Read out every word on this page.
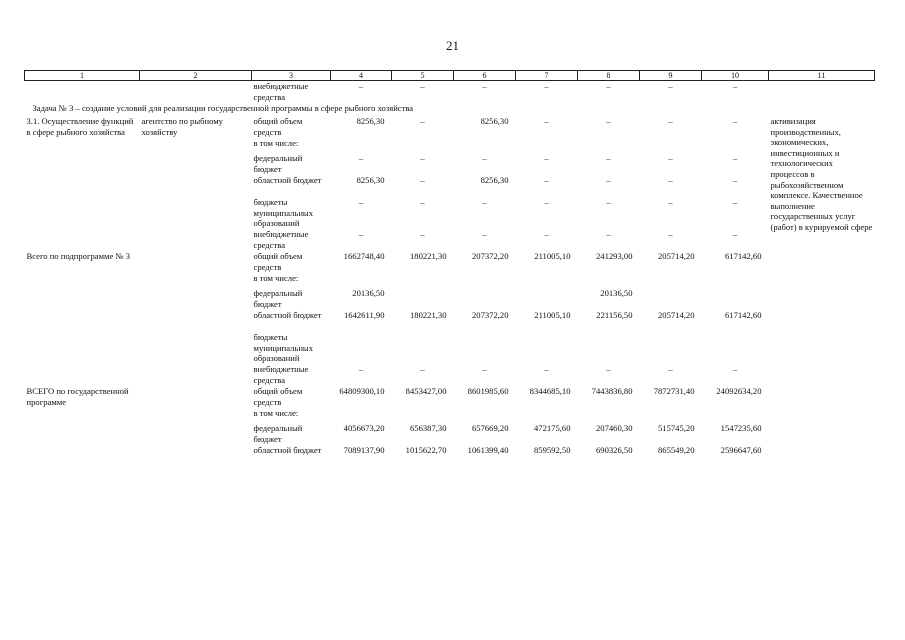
21
1	2	3	4	5	6	7	8	9	10	11
		внебюджетные средства	–	–	–	–	–	–	–	
Задача № 3 – создание условий для реализации государственной программы в сфере рыбного хозяйства										
3.1. Осуществление функций в сфере рыбного хозяйства	агентство по рыбному хозяйству	общий объем средств	8256,30	–	8256,30	–	–	–	–	активизация производственных, экономических, инвестиционных и технологических процессов в рыбохозяйственном комплексе. Качественное выполнение государственных услуг (работ) в курируемой сфере
		в том числе:								
		федеральный бюджет	–	–	–	–	–	–	–	
		областной бюджет	8256,30	–	8256,30	–	–	–	–	
		бюджеты муниципальных образований	–	–	–	–	–	–	–	
		внебюджетные средства	–	–	–	–	–	–	–	
Всего по подпрограмме № 3		общий объем средств	1662748,40	180221,30	207372,20	211005,10	241293,00	205714,20	617142,60	
		в том числе:								
		федеральный бюджет	20136,50				20136,50			
		областной бюджет	1642611,90	180221,30	207372,20	211005,10	221156,50	205714,20	617142,60	
		бюджеты муниципальных образований								
		внебюджетные средства	–	–	–	–	–	–	–	
ВСЕГО по государственной программе		общий объем средств	64809300,10	8453427,00	8601985,60	8344685,10	7443836,80	7872731,40	24092634,20	
		в том числе:								
		федеральный бюджет	4056673,20	656387,30	657669,20	472175,60	207460,30	515745,20	1547235,60	
		областной бюджет	7089137,90	1015622,70	1061399,40	859592,50	690326,50	865549,20	2596647,60	
